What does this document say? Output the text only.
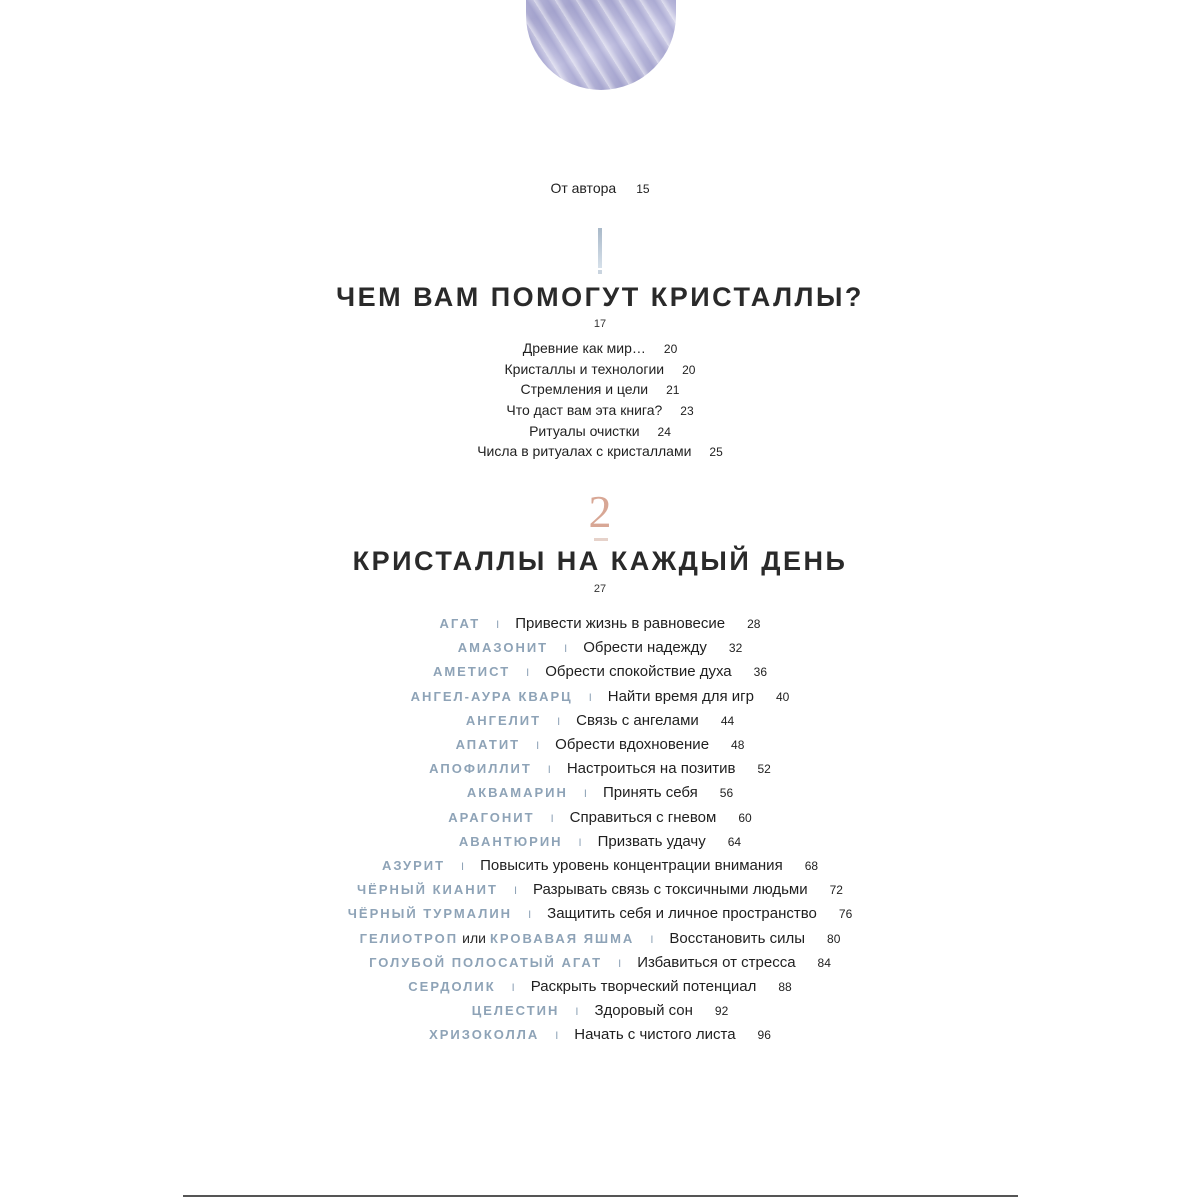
От автора 15
ЧЕМ ВАМ ПОМОГУТ КРИСТАЛЛЫ?
17
Древние как мир… 20
Кристаллы и технологии 20
Стремления и цели 21
Что даст вам эта книга? 23
Ритуалы очистки 24
Числа в ритуалах с кристаллами 25
2
КРИСТАЛЛЫ НА КАЖДЫЙ ДЕНЬ
27
АГАТ I Привести жизнь в равновесие 28
АМАЗОНИТ I Обрести надежду 32
АМЕТИСТ I Обрести спокойствие духа 36
АНГЕЛ-АУРА КВАРЦ I Найти время для игр 40
АНГЕЛИТ I Связь с ангелами 44
АПАТИТ I Обрести вдохновение 48
АПОФИЛЛИТ I Настроиться на позитив 52
АКВАМАРИН I Принять себя 56
АРАГОНИТ I Справиться с гневом 60
АВАНТЮРИН I Призвать удачу 64
АЗУРИТ I Повысить уровень концентрации внимания 68
ЧЁРНЫЙ КИАНИТ I Разрывать связь с токсичными людьми 72
ЧЁРНЫЙ ТУРМАЛИН I Защитить себя и личное пространство 76
ГЕЛИОТРОП или КРОВАВАЯ ЯШМА I Восстановить силы 80
ГОЛУБОЙ ПОЛОСАТЫЙ АГАТ I Избавиться от стресса 84
СЕРДОЛИК I Раскрыть творческий потенциал 88
ЦЕЛЕСТИН I Здоровый сон 92
ХРИЗОКОЛЛА I Начать с чистого листа 96
